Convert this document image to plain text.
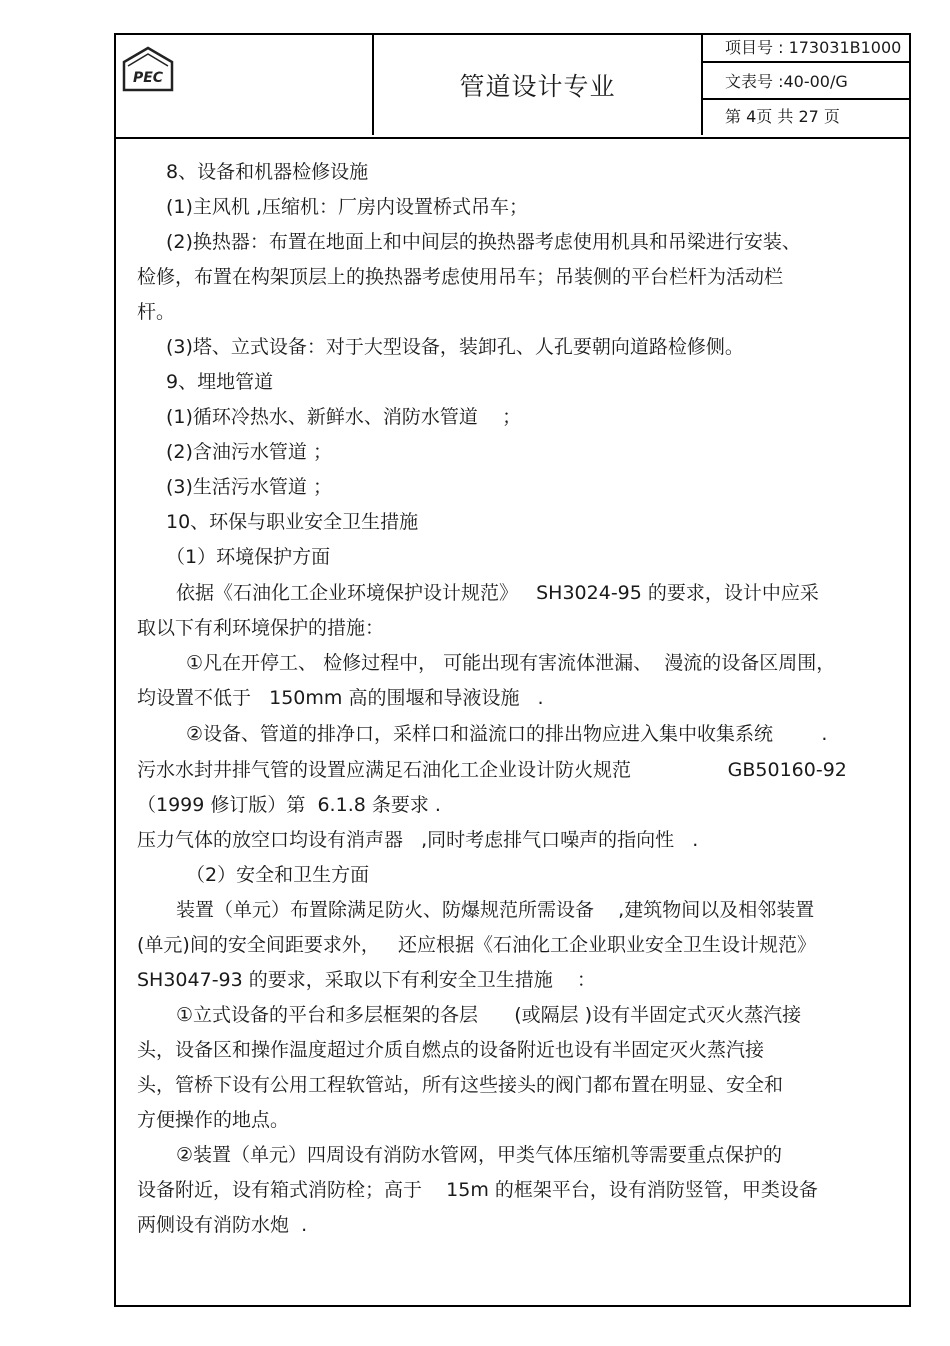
PEC	管道设计专业
项目号 : 173031B1000
文表号 :40-00/G
第 4页 共 27 页
8、设备和机器检修设施
(1)主风机 ,压缩机：厂房内设置桥式吊车；
(2)换热器：布置在地面上和中间层的换热器考虑使用机具和吊梁进行安装、
检修，布置在构架顶层上的换热器考虑使用吊车；吊装侧的平台栏杆为活动栏
杆。
(3)塔、立式设备：对于大型设备，装卸孔、人孔要朝向道路检修侧。
9、埋地管道
(1)循环冷热水、新鲜水、消防水管道    ；
(2)含油污水管道 ；
(3)生活污水管道 ；
10、环保与职业安全卫生措施
（1）环境保护方面
依据《石油化工企业环境保护设计规范》   SH3024-95 的要求，设计中应采
取以下有利环境保护的措施：
①凡在开停工、 检修过程中， 可能出现有害流体泄漏、  漫流的设备区周围，
均设置不低于   150mm 高的围堰和导液设施   .
②设备、管道的排净口，采样口和溢流口的排出物应进入集中收集系统        .
污水水封井排气管的设置应满足石油化工企业设计防火规范                GB50160-92
（1999 修订版）第  6.1.8 条要求 .
压力气体的放空口均设有消声器   ,同时考虑排气口噪声的指向性   .
（2）安全和卫生方面
装置（单元）布置除满足防火、防爆规范所需设备    ,建筑物间以及相邻装置
(单元)间的安全间距要求外，   还应根据《石油化工企业职业安全卫生设计规范》
SH3047-93 的要求，采取以下有利安全卫生措施    ：
①立式设备的平台和多层框架的各层      (或隔层 )设有半固定式灭火蒸汽接
头，设备区和操作温度超过介质自燃点的设备附近也设有半固定灭火蒸汽接
头，管桥下设有公用工程软管站，所有这些接头的阀门都布置在明显、安全和
方便操作的地点。
②装置（单元）四周设有消防水管网，甲类气体压缩机等需要重点保护的
设备附近，设有箱式消防栓；高于    15m 的框架平台，设有消防竖管，甲类设备
两侧设有消防水炮  .
